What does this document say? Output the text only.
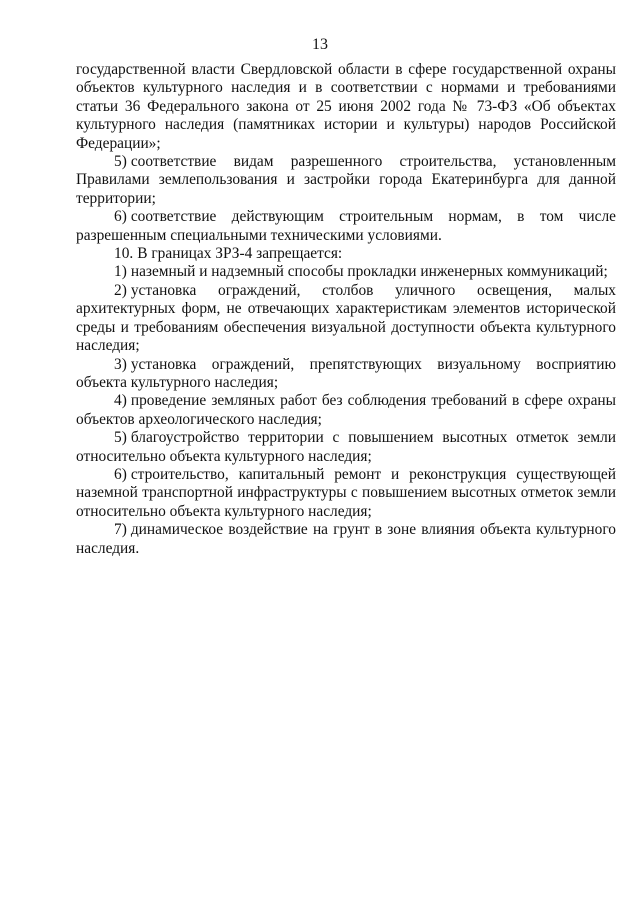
13

государственной власти Свердловской области в сфере государственной охраны объектов культурного наследия и в соответствии с нормами и требованиями статьи 36 Федерального закона от 25 июня 2002 года № 73-ФЗ «Об объектах культурного наследия (памятниках истории и культуры) народов Российской Федерации»;

5) соответствие видам разрешенного строительства, установленным Правилами землепользования и застройки города Екатеринбурга для данной территории;

6) соответствие действующим строительным нормам, в том числе разрешенным специальными техническими условиями.

10. В границах ЗРЗ-4 запрещается:

1) наземный и надземный способы прокладки инженерных коммуникаций;

2) установка ограждений, столбов уличного освещения, малых архитектурных форм, не отвечающих характеристикам элементов исторической среды и требованиям обеспечения визуальной доступности объекта культурного наследия;

3) установка ограждений, препятствующих визуальному восприятию объекта культурного наследия;

4) проведение земляных работ без соблюдения требований в сфере охраны объектов археологического наследия;

5) благоустройство территории с повышением высотных отметок земли относительно объекта культурного наследия;

6) строительство, капитальный ремонт и реконструкция существующей наземной транспортной инфраструктуры с повышением высотных отметок земли относительно объекта культурного наследия;

7) динамическое воздействие на грунт в зоне влияния объекта культурного наследия.
